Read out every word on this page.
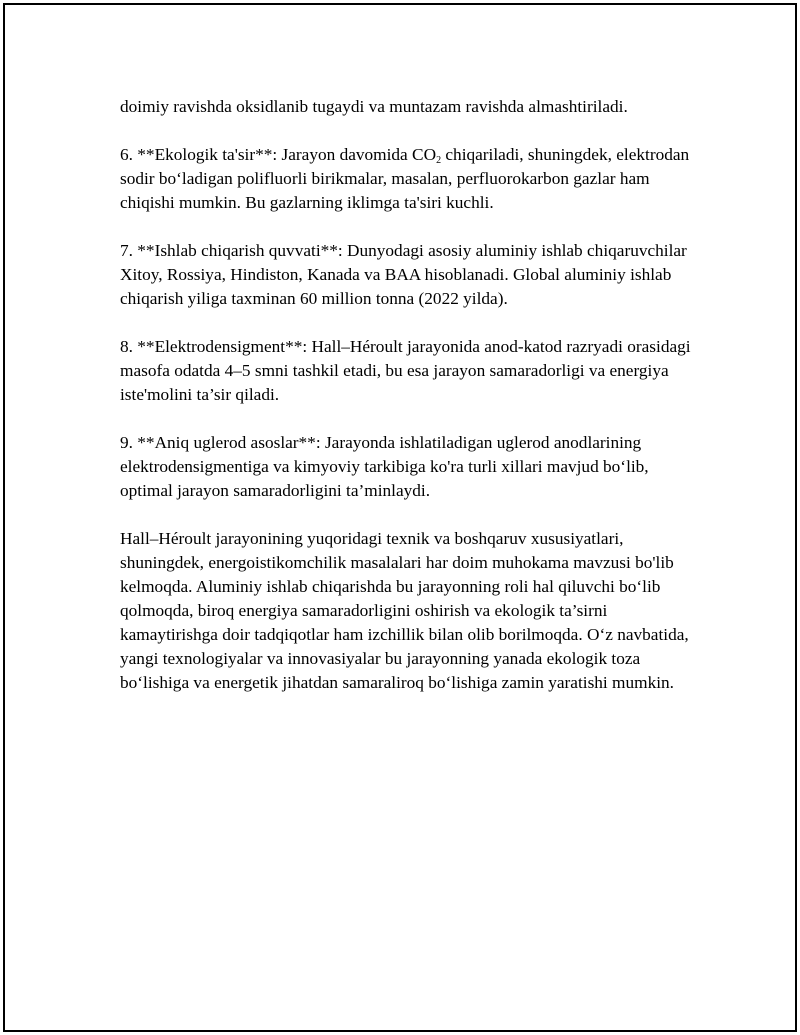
doimiy ravishda oksidlanib tugaydi va muntazam ravishda almashtiriladi.

6. **Ekologik ta'sir**: Jarayon davomida $CO_2$ chiqariladi, shuningdek, elektrodan sodir bo‘ladigan polifluorli birikmalar, masalan, perfluorokarbon gazlar ham chiqishi mumkin. Bu gazlarning iklimga ta'siri kuchli.

7. **Ishlab chiqarish quvvati**: Dunyodagi asosiy aluminiy ishlab chiqaruvchilar Xitoy, Rossiya, Hindiston, Kanada va BAA hisoblanadi. Global aluminiy ishlab chiqarish yiliga taxminan 60 million tonna (2022 yilda).

8. **Elektrodensigment**: Hall–Héroult jarayonida anod-katod razryadi orasidagi masofa odatda 4–5 smni tashkil etadi, bu esa jarayon samaradorligi va energiya iste'molini ta’sir qiladi.

9. **Aniq uglerod asoslar**: Jarayonda ishlatiladigan uglerod anodlarining elektrodensigmentiga va kimyoviy tarkibiga ko'ra turli xillari mavjud bo‘lib, optimal jarayon samaradorligini ta’minlaydi.

Hall–Héroult jarayonining yuqoridagi texnik va boshqaruv xususiyatlari, shuningdek, energoistikomchilik masalalari har doim muhokama mavzusi bo'lib kelmoqda. Aluminiy ishlab chiqarishda bu jarayonning roli hal qiluvchi bo‘lib qolmoqda, biroq energiya samaradorligini oshirish va ekologik ta’sirni kamaytirishga doir tadqiqotlar ham izchillik bilan olib borilmoqda. O‘z navbatida, yangi texnologiyalar va innovasiyalar bu jarayonning yanada ekologik toza bo‘lishiga va energetik jihatdan samaraliroq bo‘lishiga zamin yaratishi mumkin.
